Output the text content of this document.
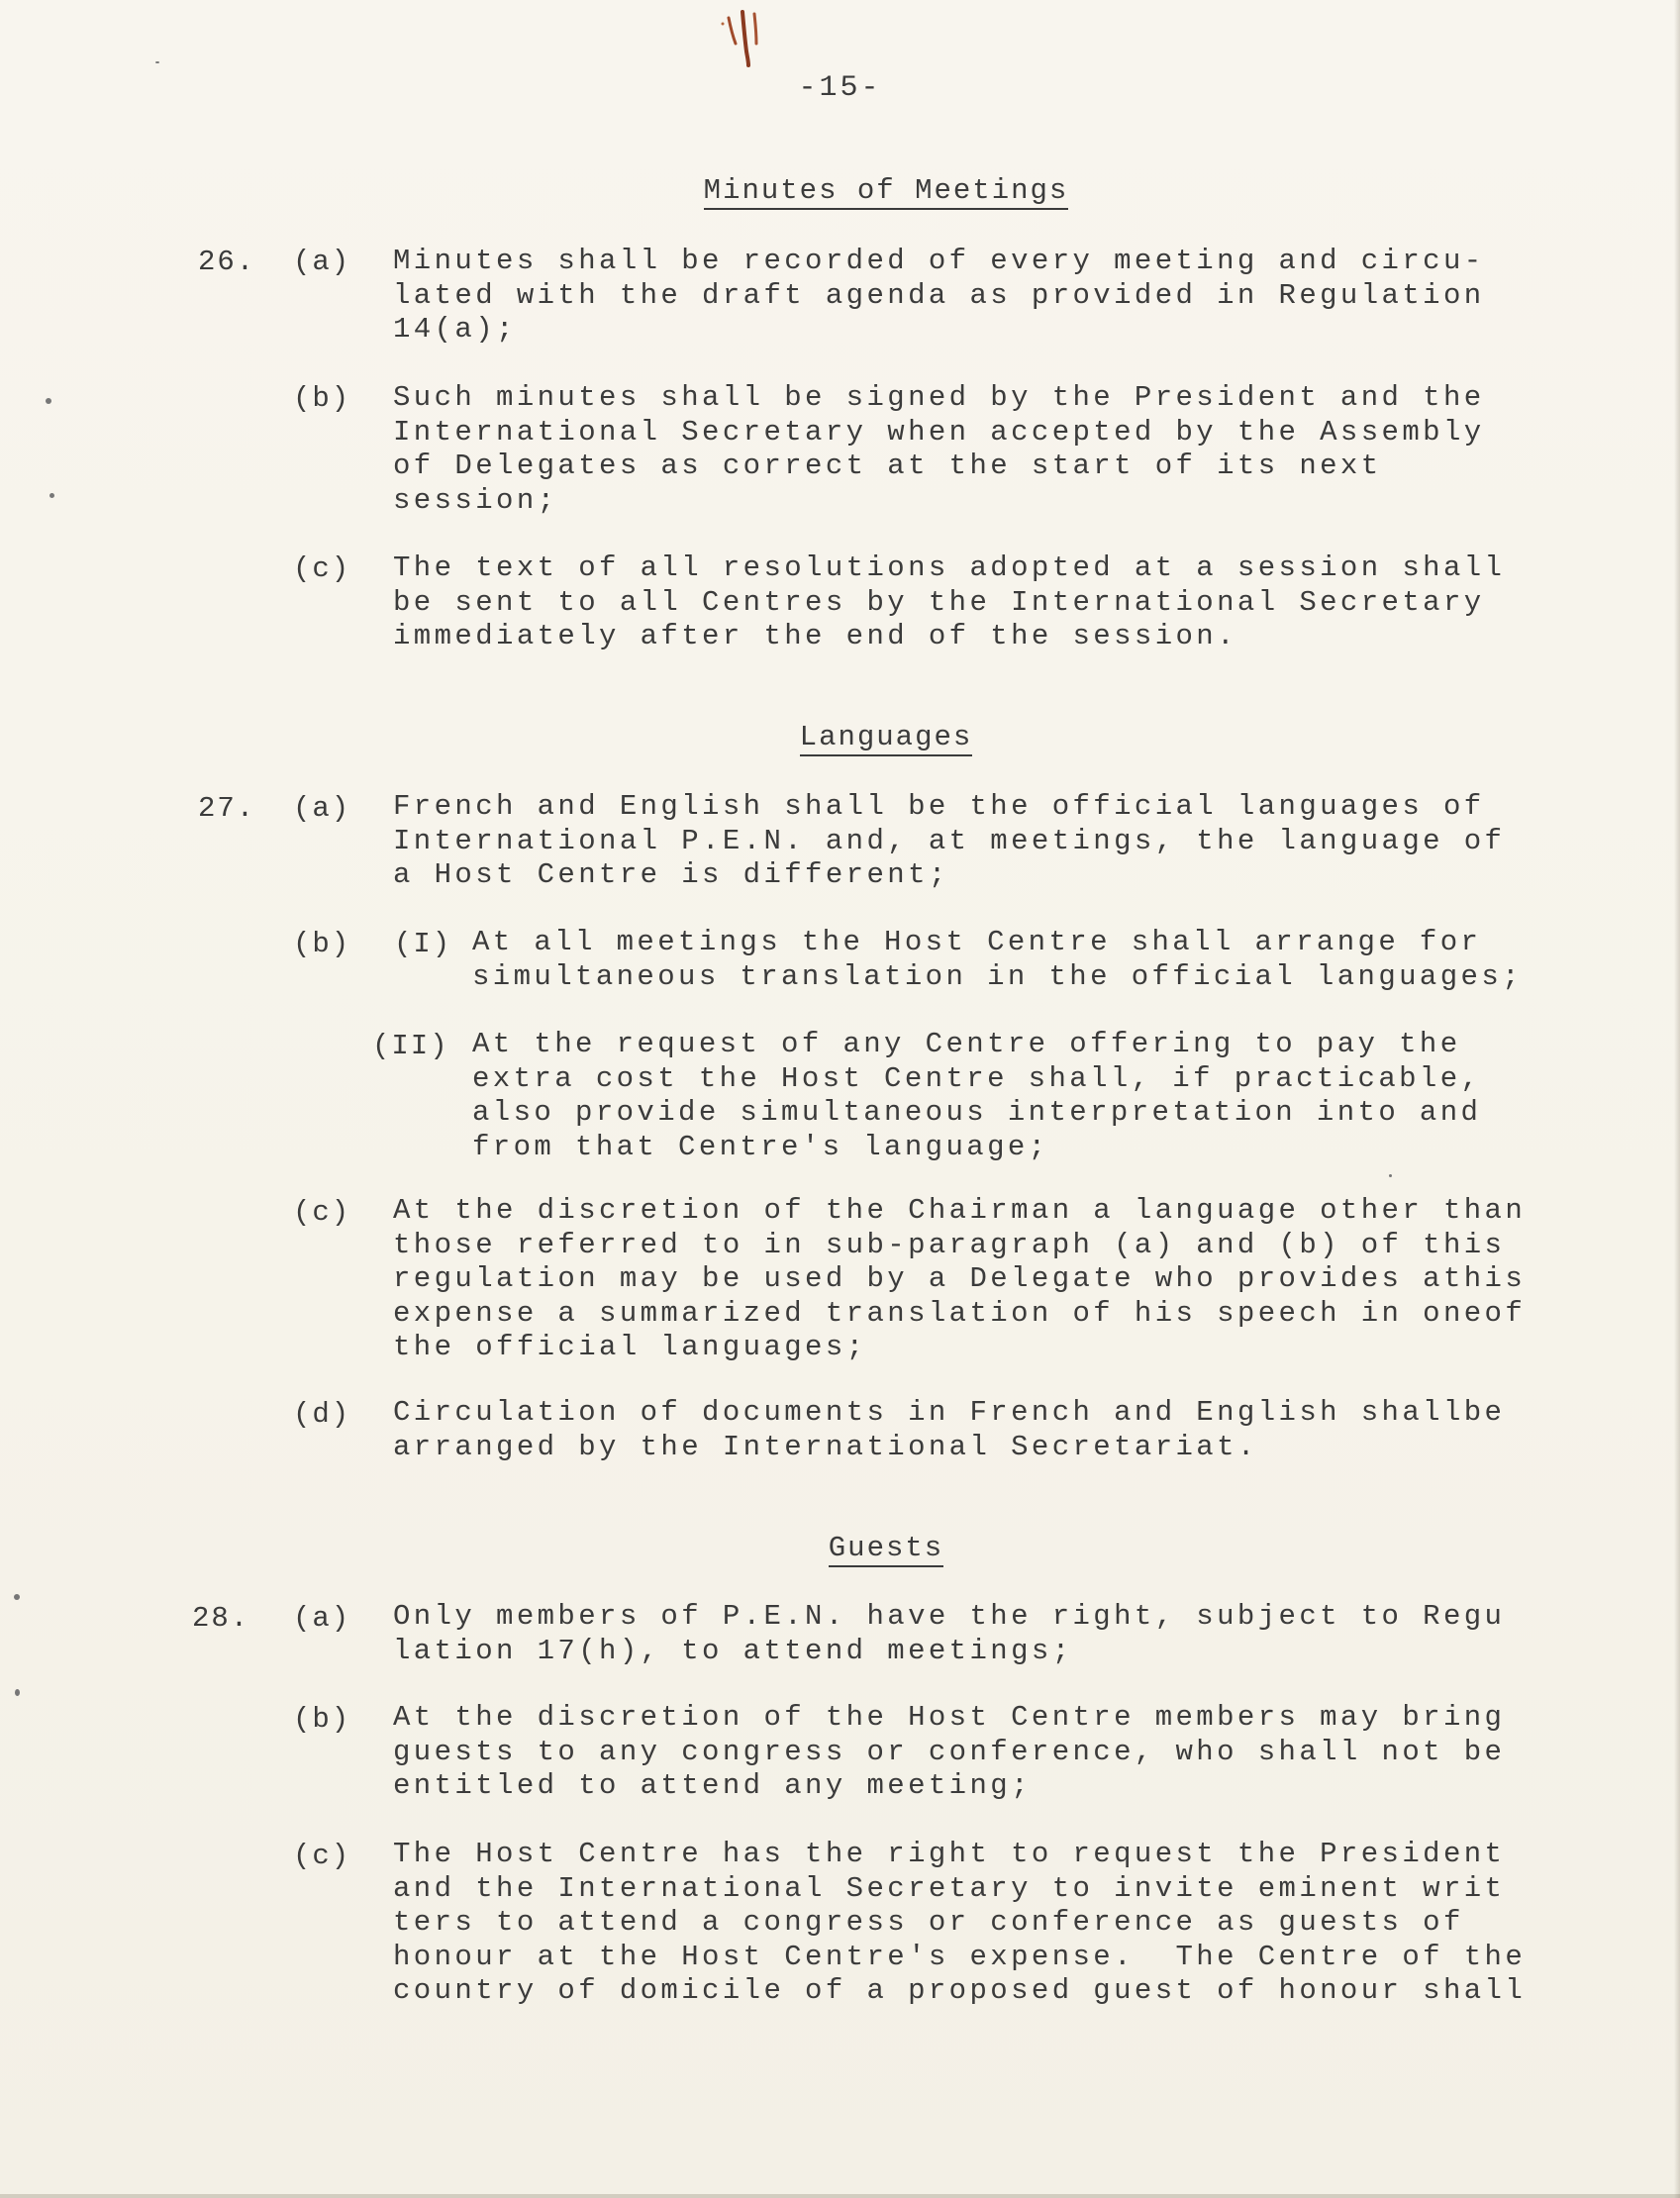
-15-
Minutes of Meetings
26. (a) Minutes shall be recorded of every meeting and circu-
lated with the draft agenda as provided in Regulation
14(a);
(b) Such minutes shall be signed by the President and the
International Secretary when accepted by the Assembly
of Delegates as correct at the start of its next
session;
(c) The text of all resolutions adopted at a session shall
be sent to all Centres by the International Secretary
immediately after the end of the session.
Languages
27. (a) French and English shall be the official languages of
International P.E.N. and, at meetings, the language of
a Host Centre is different;
(b) (I) At all meetings the Host Centre shall arrange for
simultaneous translation in the official languages;
(II) At the request of any Centre offering to pay the
extra cost the Host Centre shall, if practicable,
also provide simultaneous interpretation into and
from that Centre's language;
(c) At the discretion of the Chairman a language other than
those referred to in sub-paragraph (a) and (b) of this
regulation may be used by a Delegate who provides athis
expense a summarized translation of his speech in oneof
the official languages;
(d) Circulation of documents in French and English shallbe
arranged by the International Secretariat.
Guests
28. (a) Only members of P.E.N. have the right, subject to Regu
lation 17(h), to attend meetings;
(b) At the discretion of the Host Centre members may bring
guests to any congress or conference, who shall not be
entitled to attend any meeting;
(c) The Host Centre has the right to request the President
and the International Secretary to invite eminent writ
ters to attend a congress or conference as guests of
honour at the Host Centre's expense.  The Centre of the
country of domicile of a proposed guest of honour shall
